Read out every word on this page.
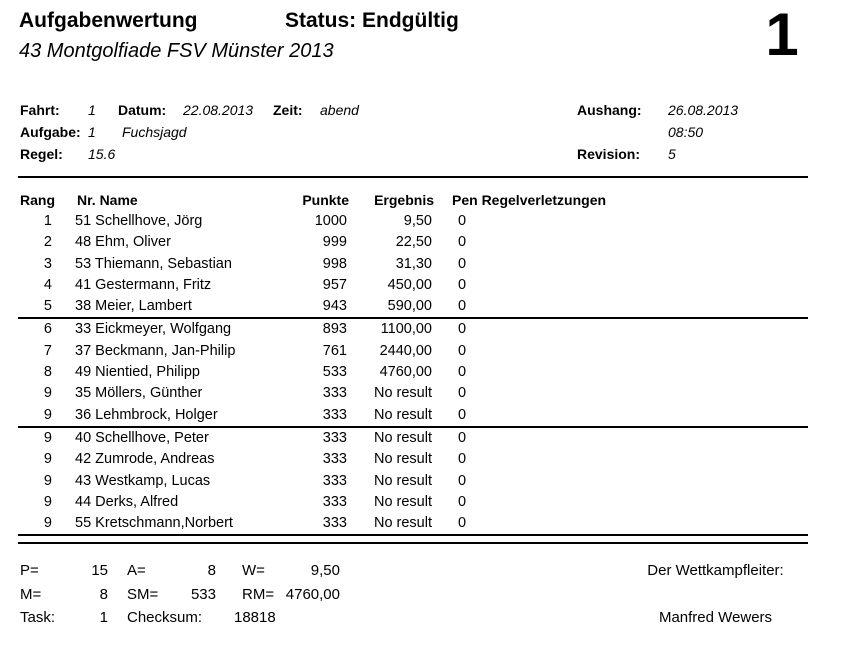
Aufgabenwertung	Status: Endgültig
43 Montgolfiade FSV Münster 2013	1
Fahrt: 1 Datum: 22.08.2013 Zeit: abend	Aushang: 26.08.2013
Aufgabe: 1 Fuchsjagd	08:50
Regel: 15.6	Revision: 5
Rang	Nr. Name	Punkte	Ergebnis Pen Regelverletzungen
1 51 Schellhove, Jörg	1000	9,50	0
2 48 Ehm, Oliver	999	22,50	0
3 53 Thiemann, Sebastian	998	31,30	0
4 41 Gestermann, Fritz	957	450,00	0
5 38 Meier, Lambert	943	590,00	0
6 33 Eickmeyer, Wolfgang	893	1100,00	0
7 37 Beckmann, Jan-Philip	761	2440,00	0
8 49 Nientied, Philipp	533	4760,00	0
9 35 Möllers, Günther	333	No result	0
9 36 Lehmbrock, Holger	333	No result	0
9 40 Schellhove, Peter	333	No result	0
9 42 Zumrode, Andreas	333	No result	0
9 43 Westkamp, Lucas	333	No result	0
9 44 Derks, Alfred	333	No result	0
9 55 Kretschmann,Norbert	333	No result	0
P=	15 A=	8 W=	9,50
M=	8 SM=	533 RM= 4760,00
Task:	1 Checksum: 18818
Der Wettkampfleiter:
Manfred Wewers
